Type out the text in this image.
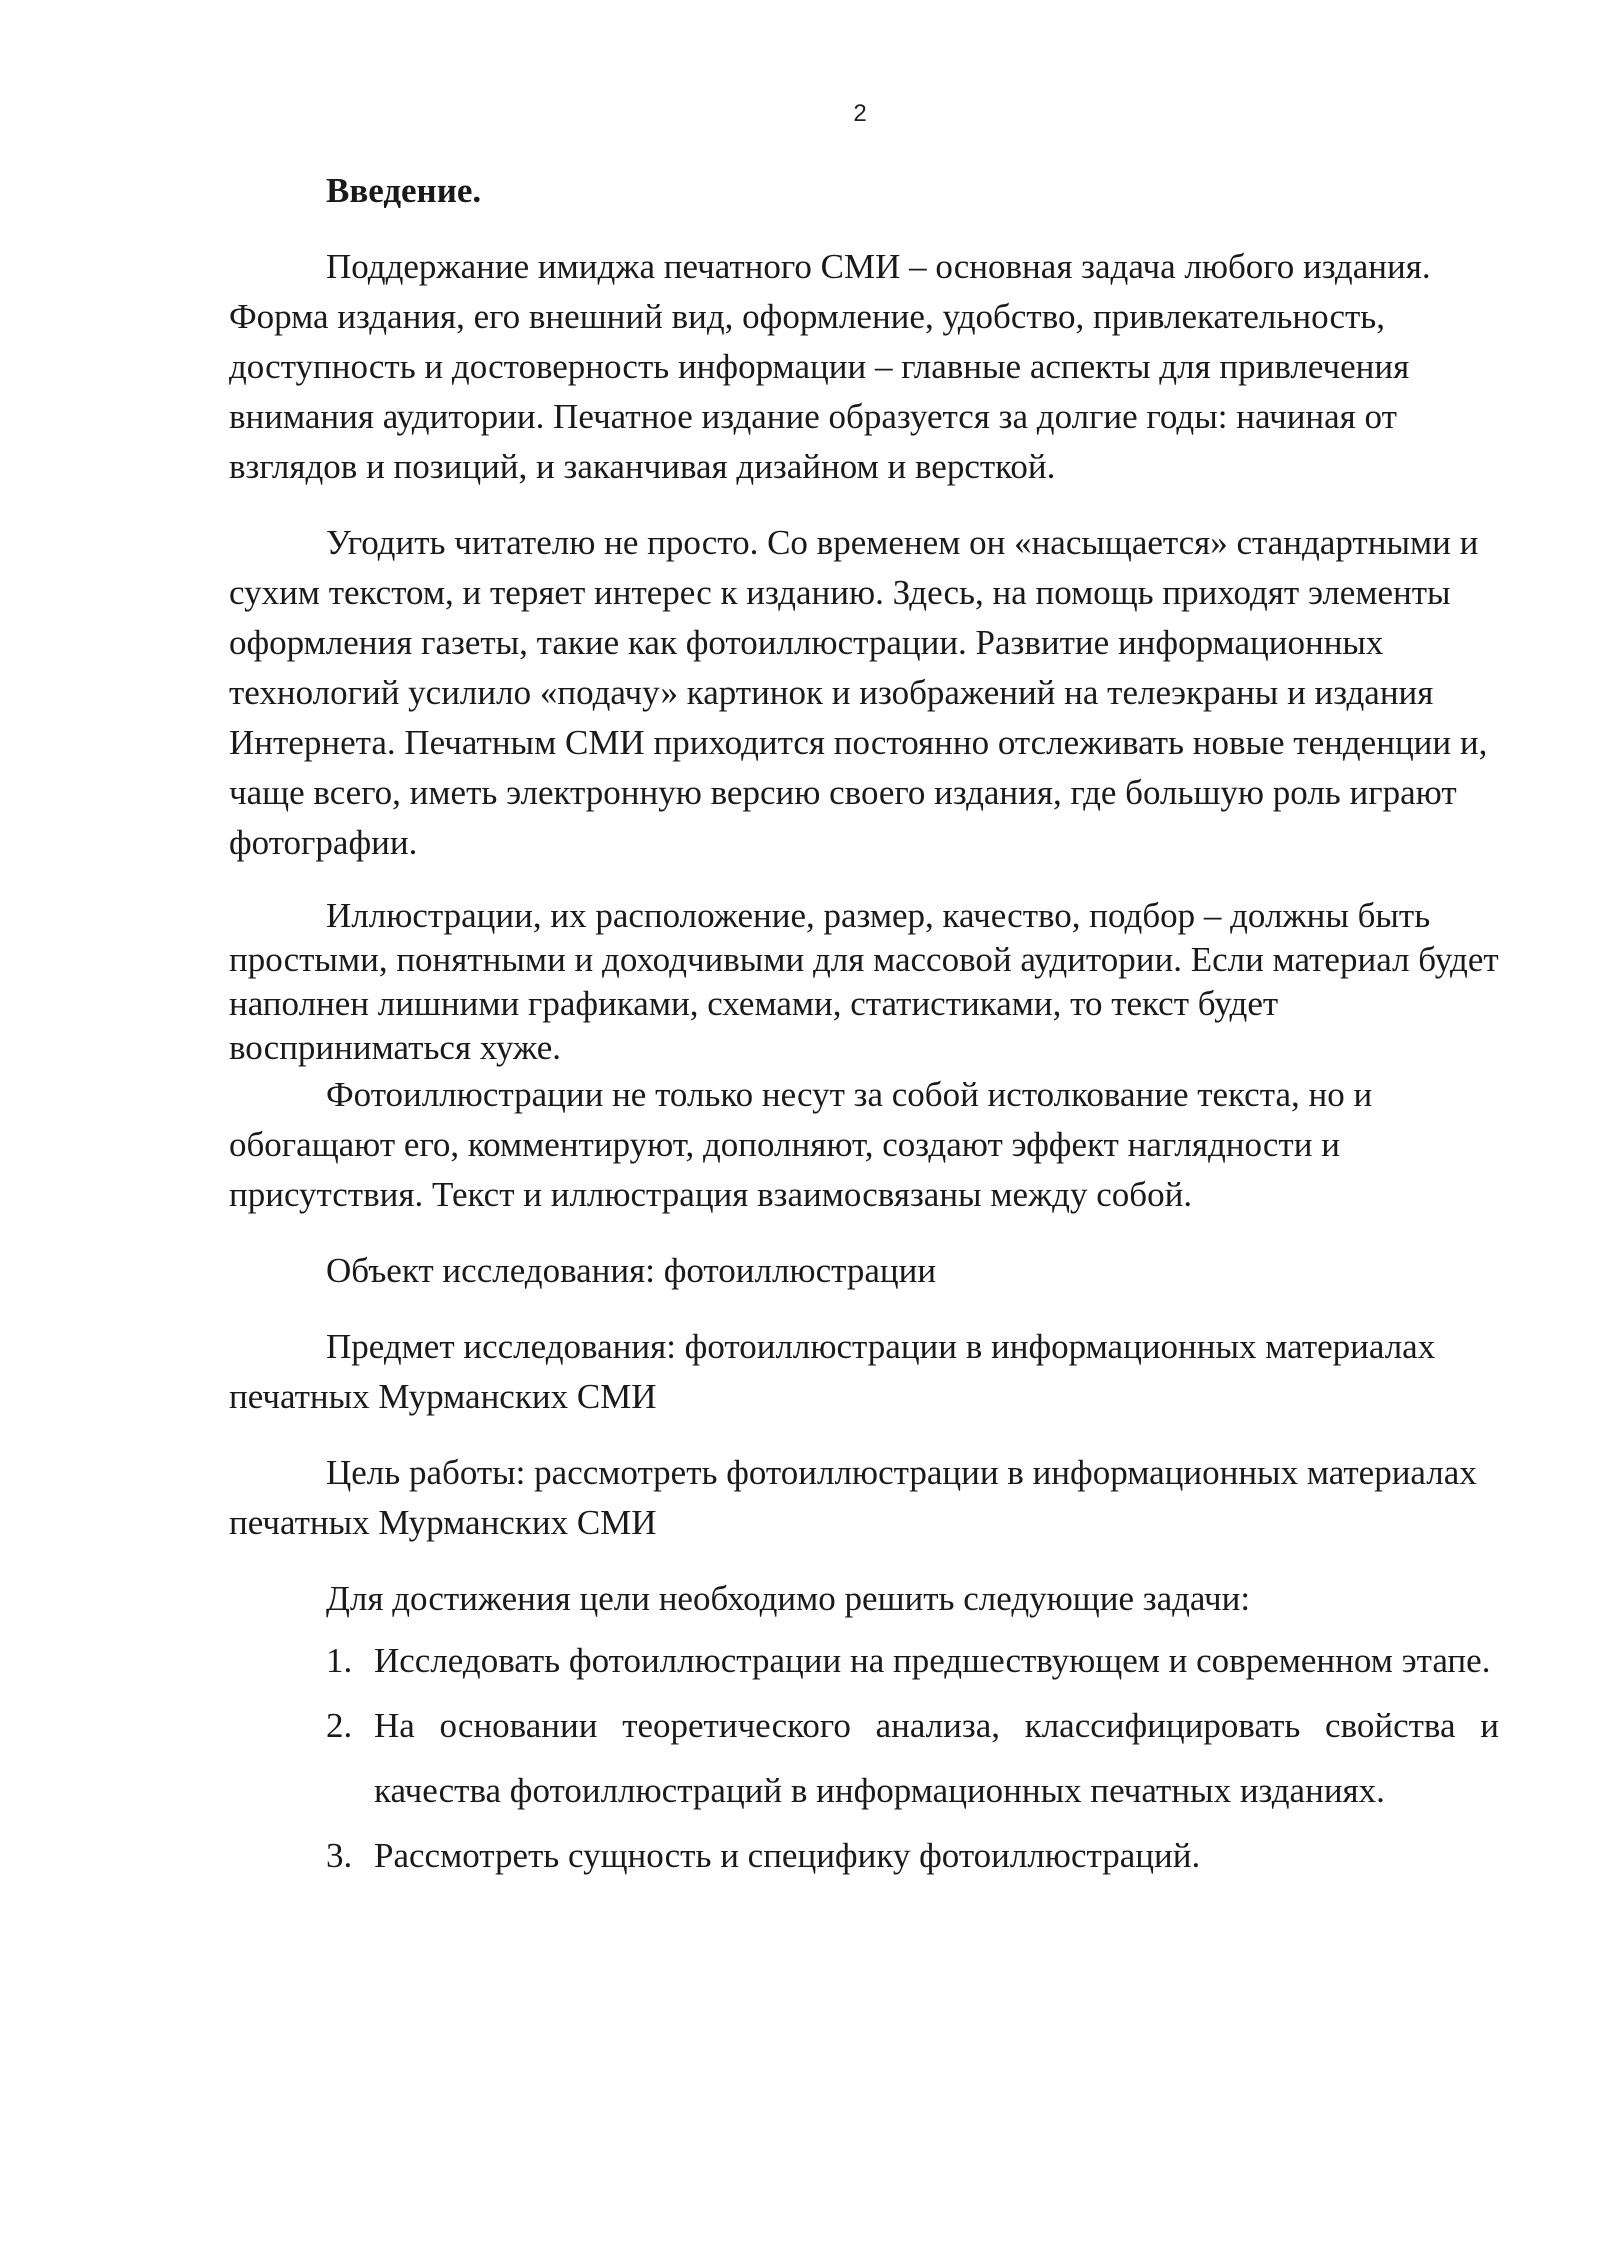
2
Введение.

Поддержание имиджа печатного СМИ – основная задача любого издания. Форма издания, его внешний вид, оформление, удобство, привлекательность, доступность и достоверность информации – главные аспекты для привлечения внимания аудитории. Печатное издание образуется за долгие годы: начиная от взглядов и позиций, и заканчивая дизайном и версткой.

Угодить читателю не просто. Со временем он «насыщается» стандартными и сухим текстом, и теряет интерес к изданию. Здесь, на помощь приходят элементы оформления газеты, такие как фотоиллюстрации. Развитие информационных технологий усилило «подачу» картинок и изображений на телеэкраны и издания Интернета. Печатным СМИ приходится постоянно отслеживать новые тенденции и, чаще всего, иметь электронную версию своего издания, где большую роль играют фотографии.

Иллюстрации, их расположение, размер, качество, подбор – должны быть простыми, понятными и доходчивыми для массовой аудитории. Если материал будет наполнен лишними графиками, схемами, статистиками, то текст будет восприниматься хуже.

Фотоиллюстрации не только несут за собой истолкование текста, но и обогащают его, комментируют, дополняют, создают эффект наглядности и присутствия. Текст и иллюстрация взаимосвязаны между собой.

Объект исследования: фотоиллюстрации

Предмет исследования: фотоиллюстрации в информационных материалах печатных Мурманских СМИ

Цель работы: рассмотреть фотоиллюстрации в информационных материалах печатных Мурманских СМИ

Для достижения цели необходимо решить следующие задачи:

1. Исследовать фотоиллюстрации на предшествующем и современном этапе.
2. На основании теоретического анализа, классифицировать свойства и качества фотоиллюстраций в информационных печатных изданиях.
3. Рассмотреть сущность и специфику фотоиллюстраций.
